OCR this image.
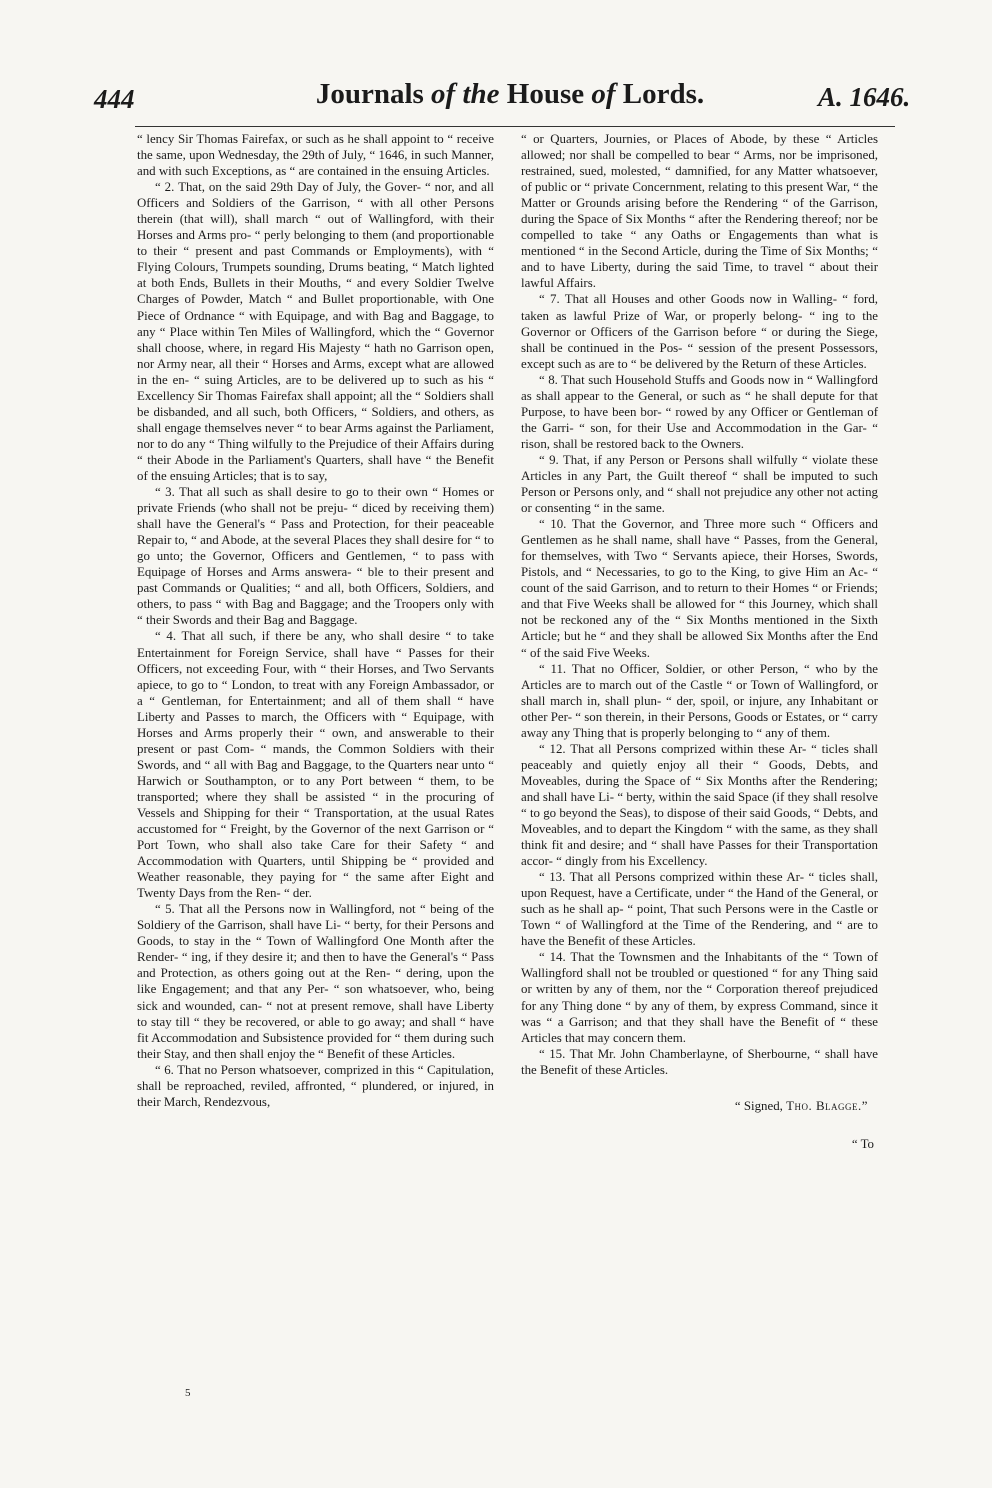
444	Journals of the House of Lords.	A. 1646.

“ lency Sir Thomas Fairefax, or such as he shall appoint to “ receive the same, upon Wednesday, the 29th of July, “ 1646, in such Manner, and with such Exceptions, as “ are contained in the ensuing Articles.

“ 2. That, on the said 29th Day of July, the Gover- “ nor, and all Officers and Soldiers of the Garrison, “ with all other Persons therein (that will), shall march “ out of Wallingford, with their Horses and Arms pro- “ perly belonging to them (and proportionable to their “ present and past Commands or Employments), with “ Flying Colours, Trumpets sounding, Drums beating, “ Match lighted at both Ends, Bullets in their Mouths, “ and every Soldier Twelve Charges of Powder, Match “ and Bullet proportionable, with One Piece of Ordnance “ with Equipage, and with Bag and Baggage, to any “ Place within Ten Miles of Wallingford, which the “ Governor shall choose, where, in regard His Majesty “ hath no Garrison open, nor Army near, all their “ Horses and Arms, except what are allowed in the en- “ suing Articles, are to be delivered up to such as his “ Excellency Sir Thomas Fairefax shall appoint; all the “ Soldiers shall be disbanded, and all such, both Officers, “ Soldiers, and others, as shall engage themselves never “ to bear Arms against the Parliament, nor to do any “ Thing wilfully to the Prejudice of their Affairs during “ their Abode in the Parliament's Quarters, shall have “ the Benefit of the ensuing Articles; that is to say,

“ 3. That all such as shall desire to go to their own “ Homes or private Friends (who shall not be preju- “ diced by receiving them) shall have the General's “ Pass and Protection, for their peaceable Repair to, “ and Abode, at the several Places they shall desire for “ to go unto; the Governor, Officers and Gentlemen, “ to pass with Equipage of Horses and Arms answera- “ ble to their present and past Commands or Qualities; “ and all, both Officers, Soldiers, and others, to pass “ with Bag and Baggage; and the Troopers only with “ their Swords and their Bag and Baggage.

“ 4. That all such, if there be any, who shall desire “ to take Entertainment for Foreign Service, shall have “ Passes for their Officers, not exceeding Four, with “ their Horses, and Two Servants apiece, to go to “ London, to treat with any Foreign Ambassador, or a “ Gentleman, for Entertainment; and all of them shall “ have Liberty and Passes to march, the Officers with “ Equipage, with Horses and Arms properly their “ own, and answerable to their present or past Com- “ mands, the Common Soldiers with their Swords, and “ all with Bag and Baggage, to the Quarters near unto “ Harwich or Southampton, or to any Port between “ them, to be transported; where they shall be assisted “ in the procuring of Vessels and Shipping for their “ Transportation, at the usual Rates accustomed for “ Freight, by the Governor of the next Garrison or “ Port Town, who shall also take Care for their Safety “ and Accommodation with Quarters, until Shipping be “ provided and Weather reasonable, they paying for “ the same after Eight and Twenty Days from the Ren- “ der.

“ 5. That all the Persons now in Wallingford, not “ being of the Soldiery of the Garrison, shall have Li- “ berty, for their Persons and Goods, to stay in the “ Town of Wallingford One Month after the Render- “ ing, if they desire it; and then to have the General's “ Pass and Protection, as others going out at the Ren- “ dering, upon the like Engagement; and that any Per- “ son whatsoever, who, being sick and wounded, can- “ not at present remove, shall have Liberty to stay till “ they be recovered, or able to go away; and shall “ have fit Accommodation and Subsistence provided for “ them during such their Stay, and then shall enjoy the “ Benefit of these Articles.

“ 6. That no Person whatsoever, comprized in this “ Capitulation, shall be reproached, reviled, affronted, “ plundered, or injured, in their March, Rendezvous,

“ or Quarters, Journies, or Places of Abode, by these “ Articles allowed; nor shall be compelled to bear “ Arms, nor be imprisoned, restrained, sued, molested, “ damnified, for any Matter whatsoever, of public or “ private Concernment, relating to this present War, “ the Matter or Grounds arising before the Rendering “ of the Garrison, during the Space of Six Months “ after the Rendering thereof; nor be compelled to take “ any Oaths or Engagements than what is mentioned “ in the Second Article, during the Time of Six Months; “ and to have Liberty, during the said Time, to travel “ about their lawful Affairs.

“ 7. That all Houses and other Goods now in Walling- “ ford, taken as lawful Prize of War, or properly belong- “ ing to the Governor or Officers of the Garrison before “ or during the Siege, shall be continued in the Pos- “ session of the present Possessors, except such as are to “ be delivered by the Return of these Articles.

“ 8. That such Household Stuffs and Goods now in “ Wallingford as shall appear to the General, or such as “ he shall depute for that Purpose, to have been bor- “ rowed by any Officer or Gentleman of the Garri- “ son, for their Use and Accommodation in the Gar- “ rison, shall be restored back to the Owners.

“ 9. That, if any Person or Persons shall wilfully “ violate these Articles in any Part, the Guilt thereof “ shall be imputed to such Person or Persons only, and “ shall not prejudice any other not acting or consenting “ in the same.

“ 10. That the Governor, and Three more such “ Officers and Gentlemen as he shall name, shall have “ Passes, from the General, for themselves, with Two “ Servants apiece, their Horses, Swords, Pistols, and “ Necessaries, to go to the King, to give Him an Ac- “ count of the said Garrison, and to return to their Homes “ or Friends; and that Five Weeks shall be allowed for “ this Journey, which shall not be reckoned any of the “ Six Months mentioned in the Sixth Article; but he “ and they shall be allowed Six Months after the End “ of the said Five Weeks.

“ 11. That no Officer, Soldier, or other Person, “ who by the Articles are to march out of the Castle “ or Town of Wallingford, or shall march in, shall plun- “ der, spoil, or injure, any Inhabitant or other Per- “ son therein, in their Persons, Goods or Estates, or “ carry away any Thing that is properly belonging to “ any of them.

“ 12. That all Persons comprized within these Ar- “ ticles shall peaceably and quietly enjoy all their “ Goods, Debts, and Moveables, during the Space of “ Six Months after the Rendering; and shall have Li- “ berty, within the said Space (if they shall resolve “ to go beyond the Seas), to dispose of their said Goods, “ Debts, and Moveables, and to depart the Kingdom “ with the same, as they shall think fit and desire; and “ shall have Passes for their Transportation accor- “ dingly from his Excellency.

“ 13. That all Persons comprized within these Ar- “ ticles shall, upon Request, have a Certificate, under “ the Hand of the General, or such as he shall ap- “ point, That such Persons were in the Castle or Town “ of Wallingford at the Time of the Rendering, and “ are to have the Benefit of these Articles.

“ 14. That the Townsmen and the Inhabitants of the “ Town of Wallingford shall not be troubled or questioned “ for any Thing said or written by any of them, nor the “ Corporation thereof prejudiced for any Thing done “ by any of them, by express Command, since it was “ a Garrison; and that they shall have the Benefit of “ these Articles that may concern them.

“ 15. That Mr. John Chamberlayne, of Sherbourne, “ shall have the Benefit of these Articles.

“ Signed, Tho. Blagge.”

“ To

5
